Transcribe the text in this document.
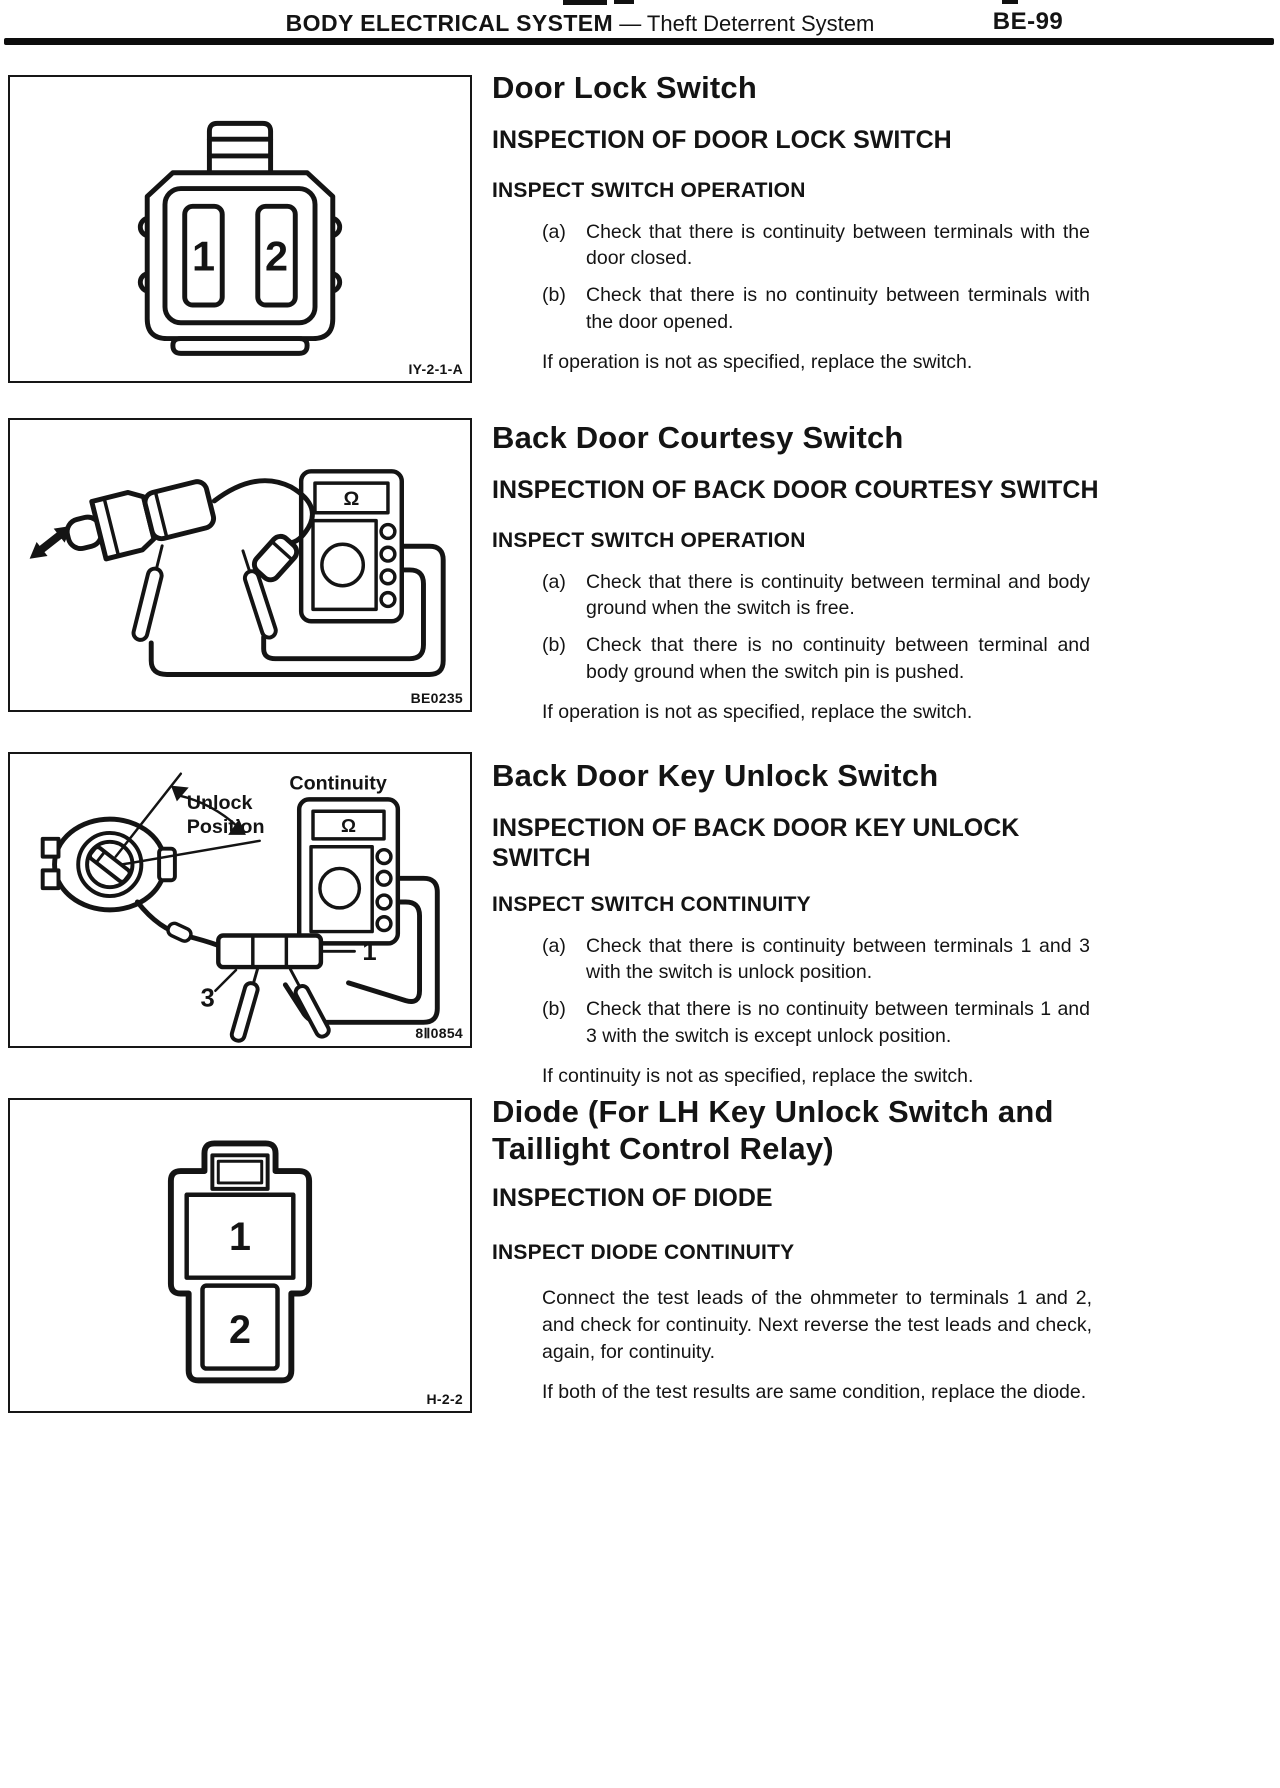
BODY ELECTRICAL SYSTEM — Theft Deterrent System	BE-99
1 2
IY-2-1-A
Ω
BE0235
Unlock
Position
Continuity
Ω
1
3
8Ⅱ0854
1
2
H-2-2
Door Lock Switch
INSPECTION OF DOOR LOCK SWITCH
INSPECT SWITCH OPERATION
(a)	Check that there is continuity between terminals with the door closed.
(b)	Check that there is no continuity between terminals with the door opened.
If operation is not as specified, replace the switch.
Back Door Courtesy Switch
INSPECTION OF BACK DOOR COURTESY SWITCH
INSPECT SWITCH OPERATION
(a)	Check that there is continuity between terminal and body ground when the switch is free.
(b)	Check that there is no continuity between terminal and body ground when the switch pin is pushed.
If operation is not as specified, replace the switch.
Back Door Key Unlock Switch
INSPECTION OF BACK DOOR KEY UNLOCK
SWITCH
INSPECT SWITCH CONTINUITY
(a)	Check that there is continuity between terminals 1 and 3 with the switch is unlock position.
(b)	Check that there is no continuity between terminals 1 and 3 with the switch is except unlock position.
If continuity is not as specified, replace the switch.
Diode (For LH Key Unlock Switch and
Taillight Control Relay)
INSPECTION OF DIODE
INSPECT DIODE CONTINUITY
Connect the test leads of the ohmmeter to terminals 1 and 2, and check for continuity. Next reverse the test leads and check, again, for continuity.
If both of the test results are same condition, replace the diode.
